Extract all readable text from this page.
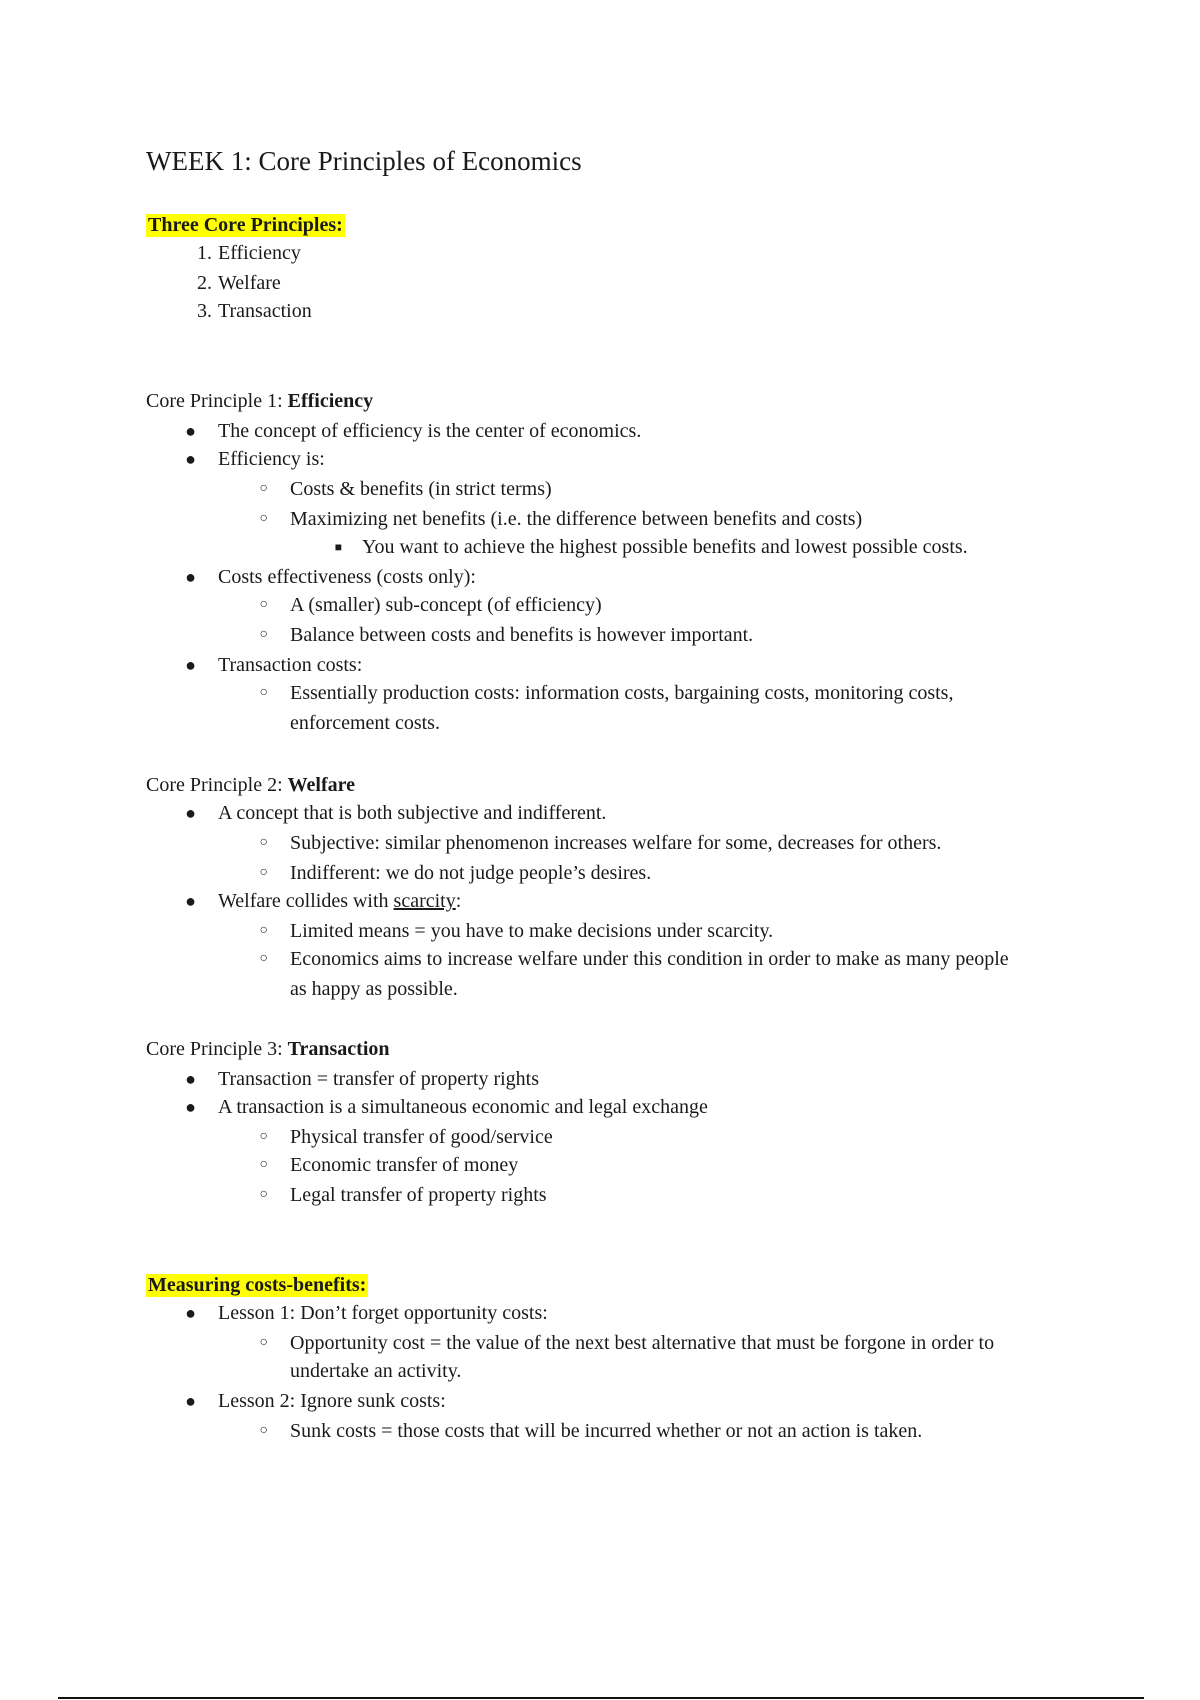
WEEK 1: Core Principles of Economics
Three Core Principles:
1. Efficiency
2. Welfare
3. Transaction
Core Principle 1: Efficiency
● The concept of efficiency is the center of economics.
● Efficiency is:
○ Costs & benefits (in strict terms)
○ Maximizing net benefits (i.e. the difference between benefits and costs)
■ You want to achieve the highest possible benefits and lowest possible costs.
● Costs effectiveness (costs only):
○ A (smaller) sub-concept (of efficiency)
○ Balance between costs and benefits is however important.
● Transaction costs:
○ Essentially production costs: information costs, bargaining costs, monitoring costs,
enforcement costs.
Core Principle 2: Welfare
● A concept that is both subjective and indifferent.
○ Subjective: similar phenomenon increases welfare for some, decreases for others.
○ Indifferent: we do not judge people’s desires.
● Welfare collides with scarcity:
○ Limited means = you have to make decisions under scarcity.
○ Economics aims to increase welfare under this condition in order to make as many people
as happy as possible.
Core Principle 3: Transaction
● Transaction = transfer of property rights
● A transaction is a simultaneous economic and legal exchange
○ Physical transfer of good/service
○ Economic transfer of money
○ Legal transfer of property rights
Measuring costs-benefits:
● Lesson 1: Don’t forget opportunity costs:
○ Opportunity cost = the value of the next best alternative that must be forgone in order to
undertake an activity.
● Lesson 2: Ignore sunk costs:
○ Sunk costs = those costs that will be incurred whether or not an action is taken.
